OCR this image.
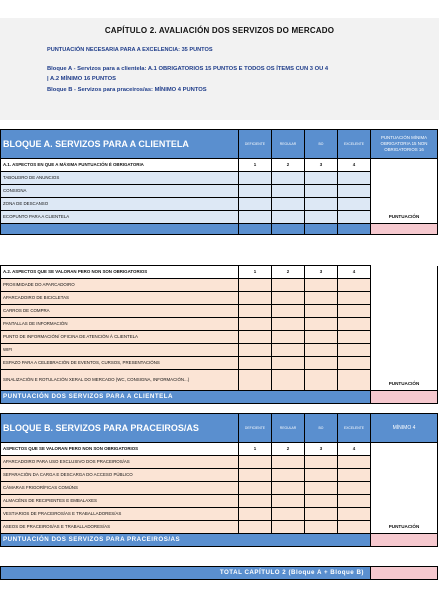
CAPÍTULO 2. AVALIACIÓN DOS SERVIZOS DO MERCADO
PUNTUACIÓN NECESARIA PARA A EXCELENCIA: 35 PUNTOS
Bloque A - Servizos para a clientela: A.1 OBRIGATORIOS 15 PUNTOS E TODOS OS ÍTEMS CUN 3 OU 4
| A.2 MÍNIMO 16 PUNTOS
Bloque B - Servizos para praceiros/as: MÍNIMO 4 PUNTOS
BLOQUE A. SERVIZOS PARA A CLIENTELA	DEFICIENTE	REGULAR	BO	EXCELENTE	PUNTUACIÓN MÍNIMA OBRIGATORIA 15 NON OBRIGATORIOS 16
A.1. ASPECTOS EN QUE A MÁXIMA PUNTUACIÓN É OBRIGATORIA	1	2	3	4	
TABOLEIRO DE ANUNCIOS					
CONSIGNA					
ZONA DE DESCANSO					
ECOPUNTO PARA A CLIENTELA					PUNTUACIÓN

A.2. ASPECTOS QUE SE VALORAN PERO NON SON OBRIGATORIOS	1	2	3	4	
PROXIMIDADE DO APARCADOIRO					
APARCADOIRO DE BICICLETAS					
CARROS DE COMPRA					
PANTALLAS DE INFORMACIÓN					
PUNTO DE INFORMACIÓN/ OFICINA DE ATENCIÓN Á CLIENTELA					
WIFI					
ESPAZO PARA A CELEBRACIÓN DE EVENTOS, CURSOS, PRESENTACIÓNS					
SINALIZACIÓN E ROTULACIÓN XERAL DO MERCADO (WC, CONSIGNA, INFORMACIÓN...)					PUNTUACIÓN
PUNTUACIÓN DOS SERVIZOS PARA A CLIENTELA					
BLOQUE B. SERVIZOS PARA PRACEIROS/AS	DEFICIENTE	REGULAR	BO	EXCELENTE	MÍNIMO 4
ASPECTOS QUE SE VALORAN PERO NON SON OBRIGATORIOS	1	2	3	4	
APARCADOIRO PARA USO EXCLUSIVO DOS PRACEIROS/AS					
SEPARACIÓN DA CARGA E DESCARGA DO ACCESO PÚBLICO					
CÁMARAS FRIGORÍFICAS COMÚNS					
ALMACÉNS DE RECIPIENTES E EMBALAXES					
VESTIARIOS DE PRACEIROS/AS E TRABALLADORES/AS					
ASEOS DE PRACEIROS/AS E TRABALLADORES/AS					PUNTUACIÓN
PUNTUACIÓN DOS SERVIZOS PARA PRACEIROS/AS					
TOTAL CAPÍTULO 2 (Bloque A + Bloque B)	
